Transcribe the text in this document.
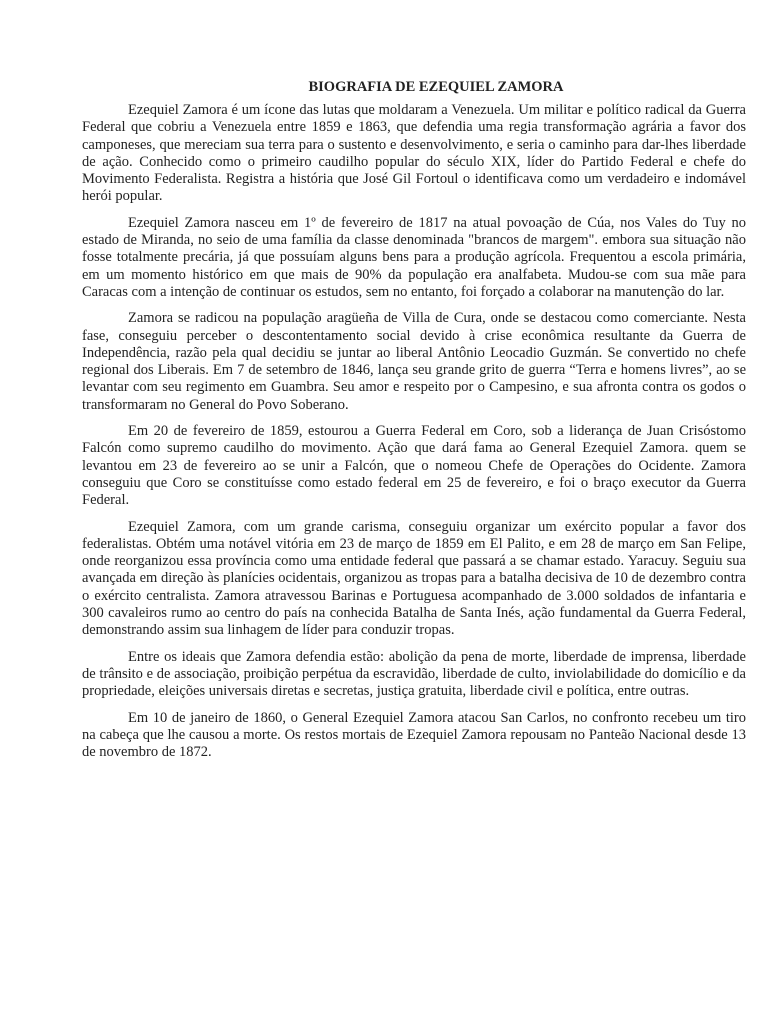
BIOGRAFIA DE EZEQUIEL ZAMORA

Ezequiel Zamora é um ícone das lutas que moldaram a Venezuela. Um militar e político radical da Guerra Federal que cobriu a Venezuela entre 1859 e 1863, que defendia uma regia transformação agrária a favor dos camponeses, que mereciam sua terra para o sustento e desenvolvimento, e seria o caminho para dar-lhes liberdade de ação. Conhecido como o primeiro caudilho popular do século XIX, líder do Partido Federal e chefe do Movimento Federalista. Registra a história que José Gil Fortoul o identificava como um verdadeiro e indomável herói popular.

Ezequiel Zamora nasceu em 1º de fevereiro de 1817 na atual povoação de Cúa, nos Vales do Tuy no estado de Miranda, no seio de uma família da classe denominada "brancos de margem". embora sua situação não fosse totalmente precária, já que possuíam alguns bens para a produção agrícola. Frequentou a escola primária, em um momento histórico em que mais de 90% da população era analfabeta. Mudou-se com sua mãe para Caracas com a intenção de continuar os estudos, sem no entanto, foi forçado a colaborar na manutenção do lar.

Zamora se radicou na população aragüeña de Villa de Cura, onde se destacou como comerciante. Nesta fase, conseguiu perceber o descontentamento social devido à crise econômica resultante da Guerra de Independência, razão pela qual decidiu se juntar ao liberal Antônio Leocadio Guzmán. Se convertido no chefe regional dos Liberais. Em 7 de setembro de 1846, lança seu grande grito de guerra “Terra e homens livres”, ao se levantar com seu regimento em Guambra. Seu amor e respeito por o Campesino, e sua afronta contra os godos o transformaram no General do Povo Soberano.

Em 20 de fevereiro de 1859, estourou a Guerra Federal em Coro, sob a liderança de Juan Crisóstomo Falcón como supremo caudilho do movimento. Ação que dará fama ao General Ezequiel Zamora. quem se levantou em 23 de fevereiro ao se unir a Falcón, que o nomeou Chefe de Operações do Ocidente. Zamora conseguiu que Coro se constituísse como estado federal em 25 de fevereiro, e foi o braço executor da Guerra Federal.

Ezequiel Zamora, com um grande carisma, conseguiu organizar um exército popular a favor dos federalistas. Obtém uma notável vitória em 23 de março de 1859 em El Palito, e em 28 de março em San Felipe, onde reorganizou essa província como uma entidade federal que passará a se chamar estado. Yaracuy. Seguiu sua avançada em direção às planícies ocidentais, organizou as tropas para a batalha decisiva de 10 de dezembro contra o exército centralista. Zamora atravessou Barinas e Portuguesa acompanhado de 3.000 soldados de infantaria e 300 cavaleiros rumo ao centro do país na conhecida Batalha de Santa Inés, ação fundamental da Guerra Federal, demonstrando assim sua linhagem de líder para conduzir tropas.

Entre os ideais que Zamora defendia estão: abolição da pena de morte, liberdade de imprensa, liberdade de trânsito e de associação, proibição perpétua da escravidão, liberdade de culto, inviolabilidade do domicílio e da propriedade, eleições universais diretas e secretas, justiça gratuita, liberdade civil e política, entre outras.

Em 10 de janeiro de 1860, o General Ezequiel Zamora atacou San Carlos, no confronto recebeu um tiro na cabeça que lhe causou a morte. Os restos mortais de Ezequiel Zamora repousam no Panteão Nacional desde 13 de novembro de 1872.
